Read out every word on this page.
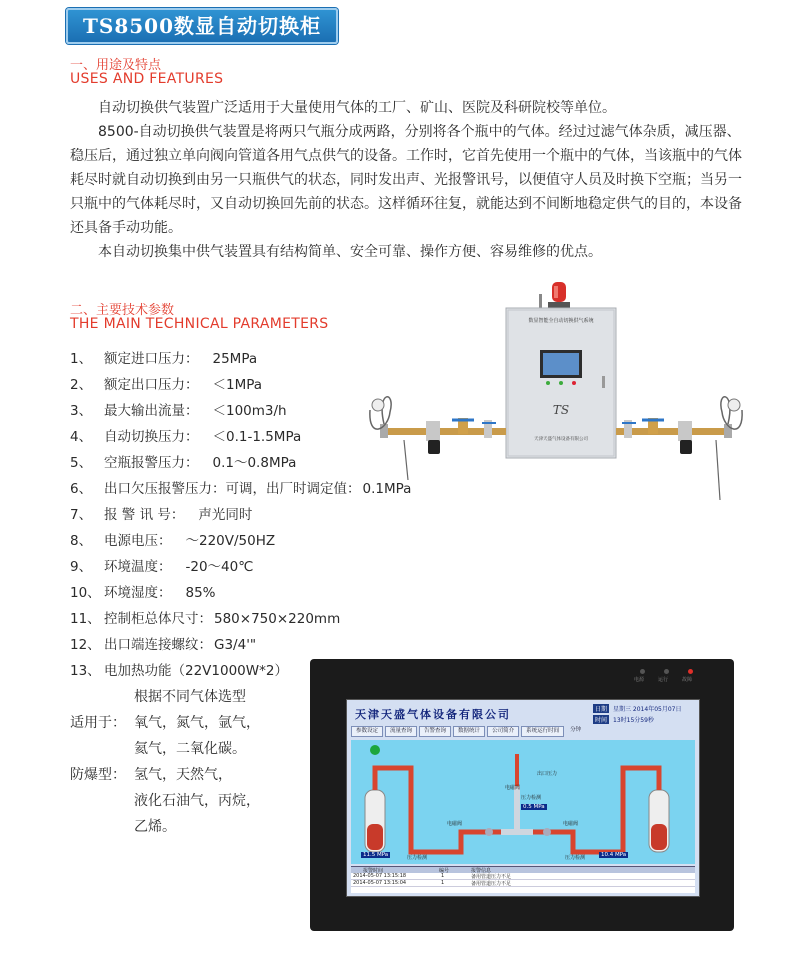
TS8500数显自动切换柜
一、用途及特点
USES AND FEATURES

自动切换供气装置广泛适用于大量使用气体的工厂、矿山、医院及科研院校等单位。

8500-自动切换供气装置是将两只气瓶分成两路，分别将各个瓶中的气体。经过过滤气体杂质，减压器、稳压后，通过独立单向阀向管道各用气点供气的设备。工作时，它首先使用一个瓶中的气体，当该瓶中的气体耗尽时就自动切换到由另一只瓶供气的状态，同时发出声、光报警讯号，以便值守人员及时换下空瓶；当另一只瓶中的气体耗尽时，又自动切换回先前的状态。这样循环往复，就能达到不间断地稳定供气的目的，本设备还具备手动功能。

本自动切换集中供气装置具有结构简单、安全可靠、操作方便、容易维修的优点。

二、主要技术参数
THE MAIN TECHNICAL PARAMETERS	数显智能全自动切换供气系统
TS
天津天盛气体设备有限公司
1、 额定进口压力： 25MPa
2、 额定出口压力： ＜1MPa
3、 最大输出流量： ＜100m3/h
4、 自动切换压力： ＜0.1-1.5MPa
5、 空瓶报警压力： 0.1～0.8MPa
6、 出口欠压报警压力：可调，出厂时调定值： 0.1MPa
7、 报 警 讯 号： 声光同时
8、 电源电压： ～220V/50HZ
9、 环境温度： -20～40℃
10、 环境湿度： 85%
11、 控制柜总体尺寸： 580×750×220mm
12、 出口端连接螺纹： G3/4'"
13、 电加热功能（22V1000W*2）
根据不同气体选型
适用于： 氧气，氮气，氩气，
氦气，二氧化碳。
防爆型： 氢气，天然气，
液化石油气，丙烷，
乙烯。
电源	运行	故障
天津天盛气体设备有限公司	日期 星期三 2014年05月07日
时间 13时15分59秒
参数设定	流量查询	告警查询	数据统计	公司简介	系统运行时间	分钟
11.5 MPa
0.5 MPa
10.4 MPa
压力检测	压力检测
压力检测
电磁阀
电磁阀
电磁阀
出口压力
报警时间	编号	报警信息
2014-05-07 13:15:18	1	备用管道压力不足
2014-05-07 13:15:04	1	备用管道压力不足
